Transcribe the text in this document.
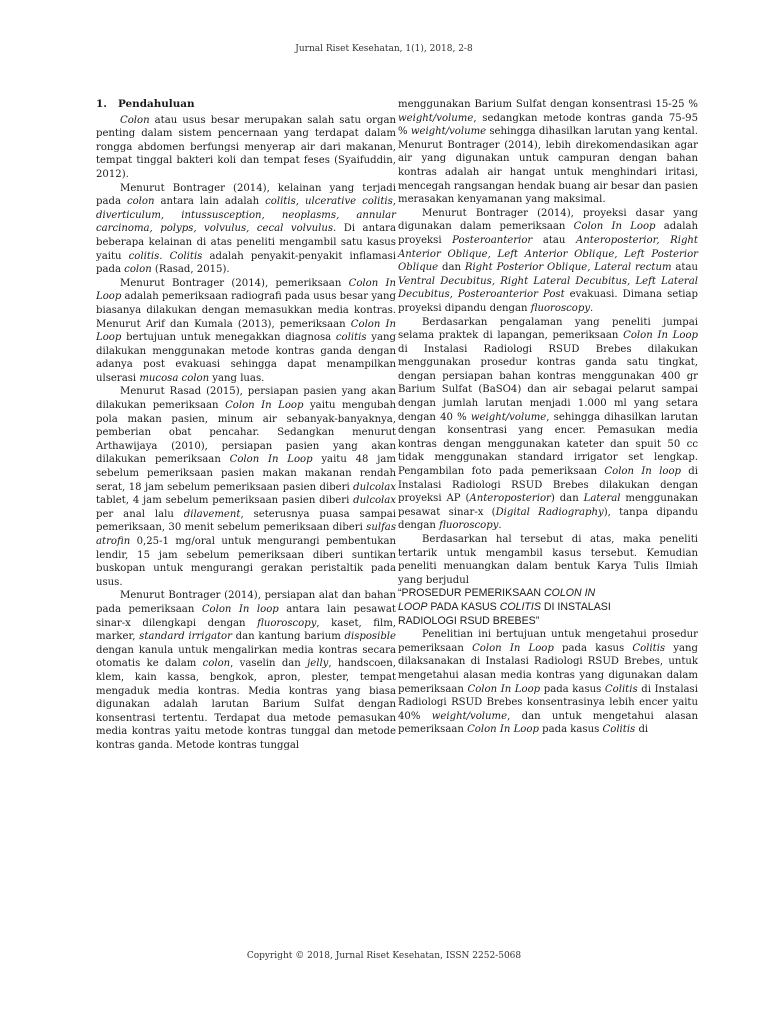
Jurnal Riset Kesehatan, 1(1), 2018, 2-8
1. Pendahuluan

Colon atau usus besar merupakan salah satu organ penting dalam sistem pencernaan yang terdapat dalam rongga abdomen berfungsi menyerap air dari makanan, tempat tinggal bakteri koli dan tempat feses (Syaifuddin, 2012).

Menurut Bontrager (2014), kelainan yang terjadi pada colon antara lain adalah colitis, ulcerative colitis, diverticulum, intussusception, neoplasms, annular carcinoma, polyps, volvulus, cecal volvulus. Di antara beberapa kelainan di atas peneliti mengambil satu kasus yaitu colitis. Colitis adalah penyakit-penyakit inflamasi pada colon (Rasad, 2015).

Menurut Bontrager (2014), pemeriksaan Colon In Loop adalah pemeriksaan radiografi pada usus besar yang biasanya dilakukan dengan memasukkan media kontras. Menurut Arif dan Kumala (2013), pemeriksaan Colon In Loop bertujuan untuk menegakkan diagnosa colitis yang dilakukan menggunakan metode kontras ganda dengan adanya post evakuasi sehingga dapat menampilkan ulserasi mucosa colon yang luas.

Menurut Rasad (2015), persiapan pasien yang akan dilakukan pemeriksaan Colon In Loop yaitu mengubah pola makan pasien, minum air sebanyak-banyaknya, pemberian obat pencahar. Sedangkan menurut Arthawijaya (2010), persiapan pasien yang akan dilakukan pemeriksaan Colon In Loop yaitu 48 jam sebelum pemeriksaan pasien makan makanan rendah serat, 18 jam sebelum pemeriksaan pasien diberi dulcolax tablet, 4 jam sebelum pemeriksaan pasien diberi dulcolax per anal lalu dilavement, seterusnya puasa sampai pemeriksaan, 30 menit sebelum pemeriksaan diberi sulfas atrofin 0,25-1 mg/oral untuk mengurangi pembentukan lendir, 15 jam sebelum pemeriksaan diberi suntikan buskopan untuk mengurangi gerakan peristaltik pada usus.

Menurut Bontrager (2014), persiapan alat dan bahan pada pemeriksaan Colon In loop antara lain pesawat sinar-x dilengkapi dengan fluoroscopy, kaset, film, marker, standard irrigator dan kantung barium disposible dengan kanula untuk mengalirkan media kontras secara otomatis ke dalam colon, vaselin dan jelly, handscoen, klem, kain kassa, bengkok, apron, plester, tempat mengaduk media kontras. Media kontras yang biasa digunakan adalah larutan Barium Sulfat dengan konsentrasi tertentu. Terdapat dua metode pemasukan media kontras yaitu metode kontras tunggal dan metode kontras ganda. Metode kontras tunggal

menggunakan Barium Sulfat dengan konsentrasi 15-25 % weight/volume, sedangkan metode kontras ganda 75-95 % weight/volume sehingga dihasilkan larutan yang kental. Menurut Bontrager (2014), lebih direkomendasikan agar air yang digunakan untuk campuran dengan bahan kontras adalah air hangat untuk menghindari iritasi, mencegah rangsangan hendak buang air besar dan pasien merasakan kenyamanan yang maksimal.

Menurut Bontrager (2014), proyeksi dasar yang digunakan dalam pemeriksaan Colon In Loop adalah proyeksi Posteroanterior atau Anteroposterior, Right Anterior Oblique, Left Anterior Oblique, Left Posterior Oblique dan Right Posterior Oblique, Lateral rectum atau Ventral Decubitus, Right Lateral Decubitus, Left Lateral Decubitus, Posteroanterior Post evakuasi. Dimana setiap proyeksi dipandu dengan fluoroscopy.

Berdasarkan pengalaman yang peneliti jumpai selama praktek di lapangan, pemeriksaan Colon In Loop di Instalasi Radiologi RSUD Brebes dilakukan menggunakan prosedur kontras ganda satu tingkat, dengan persiapan bahan kontras menggunakan 400 gr Barium Sulfat (BaSO4) dan air sebagai pelarut sampai dengan jumlah larutan menjadi 1.000 ml yang setara dengan 40 % weight/volume, sehingga dihasilkan larutan dengan konsentrasi yang encer. Pemasukan media kontras dengan menggunakan kateter dan spuit 50 cc tidak menggunakan standard irrigator set lengkap. Pengambilan foto pada pemeriksaan Colon In loop di Instalasi Radiologi RSUD Brebes dilakukan dengan proyeksi AP (Anteroposterior) dan Lateral menggunakan pesawat sinar-x (Digital Radiography), tanpa dipandu dengan fluoroscopy.

Berdasarkan hal tersebut di atas, maka peneliti tertarik untuk mengambil kasus tersebut. Kemudian peneliti menuangkan dalam bentuk Karya Tulis Ilmiah yang berjudul

“PROSEDUR PEMERIKSAAN COLON IN

LOOP PADA KASUS COLITIS DI INSTALASI

RADIOLOGI RSUD BREBES”

Penelitian ini bertujuan untuk mengetahui prosedur pemeriksaan Colon In Loop pada kasus Colitis yang dilaksanakan di Instalasi Radiologi RSUD Brebes, untuk mengetahui alasan media kontras yang digunakan dalam pemeriksaan Colon In Loop pada kasus Colitis di Instalasi Radiologi RSUD Brebes konsentrasinya lebih encer yaitu 40% weight/volume, dan untuk mengetahui alasan pemeriksaan Colon In Loop pada kasus Colitis di

Copyright © 2018, Jurnal Riset Kesehatan, ISSN 2252-5068
